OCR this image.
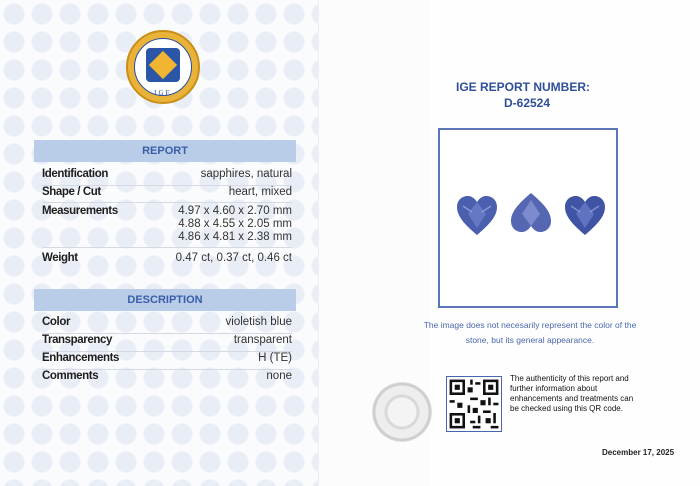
IGE
REPORT
Identification	sapphires, natural
Shape / Cut	heart, mixed
Measurements	4.97 x 4.60 x 2.70 mm
4.88 x 4.55 x 2.05 mm
4.86 x 4.81 x 2.38 mm
Weight	0.47 ct, 0.37 ct, 0.46 ct
DESCRIPTION
Color	violetish blue
Transparency	transparent
Enhancements	H (TE)
Comments	none
IGE REPORT NUMBER:
D-62524
The image does not necesarily represent the color of the stone, but its general appearance.
The authenticity of this report and further information about enhancements and treatments can be checked using this QR code.
December 17, 2025
